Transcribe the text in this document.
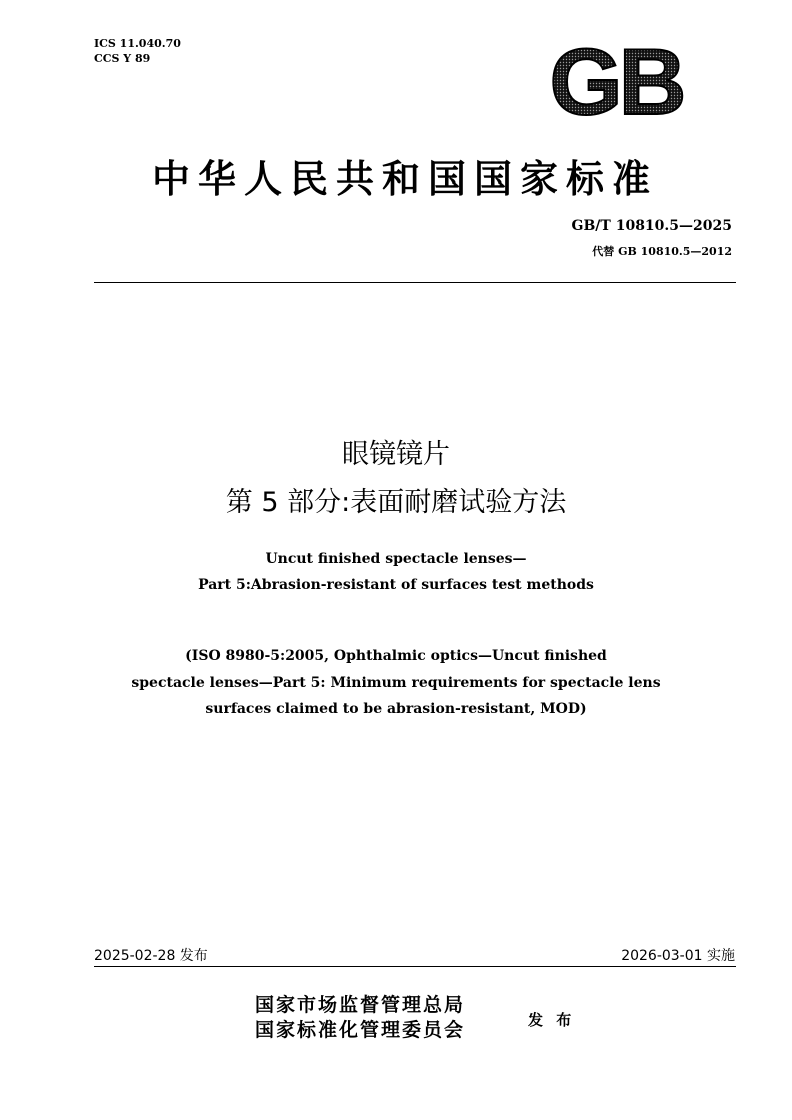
ICS 11.040.70
CCS Y 89	GB
中华人民共和国国家标准
GB/T 10810.5—2025
代替 GB 10810.5—2012
眼镜镜片
第 5 部分:表面耐磨试验方法
Uncut finished spectacle lenses—
Part 5:Abrasion-resistant of surfaces test methods
(ISO 8980-5:2005, Ophthalmic optics—Uncut finished
spectacle lenses—Part 5: Minimum requirements for spectacle lens
surfaces claimed to be abrasion-resistant, MOD)
2025-02-28 发布	2026-03-01 实施
国家市场监督管理总局
国家标准化管理委员会	发 布
